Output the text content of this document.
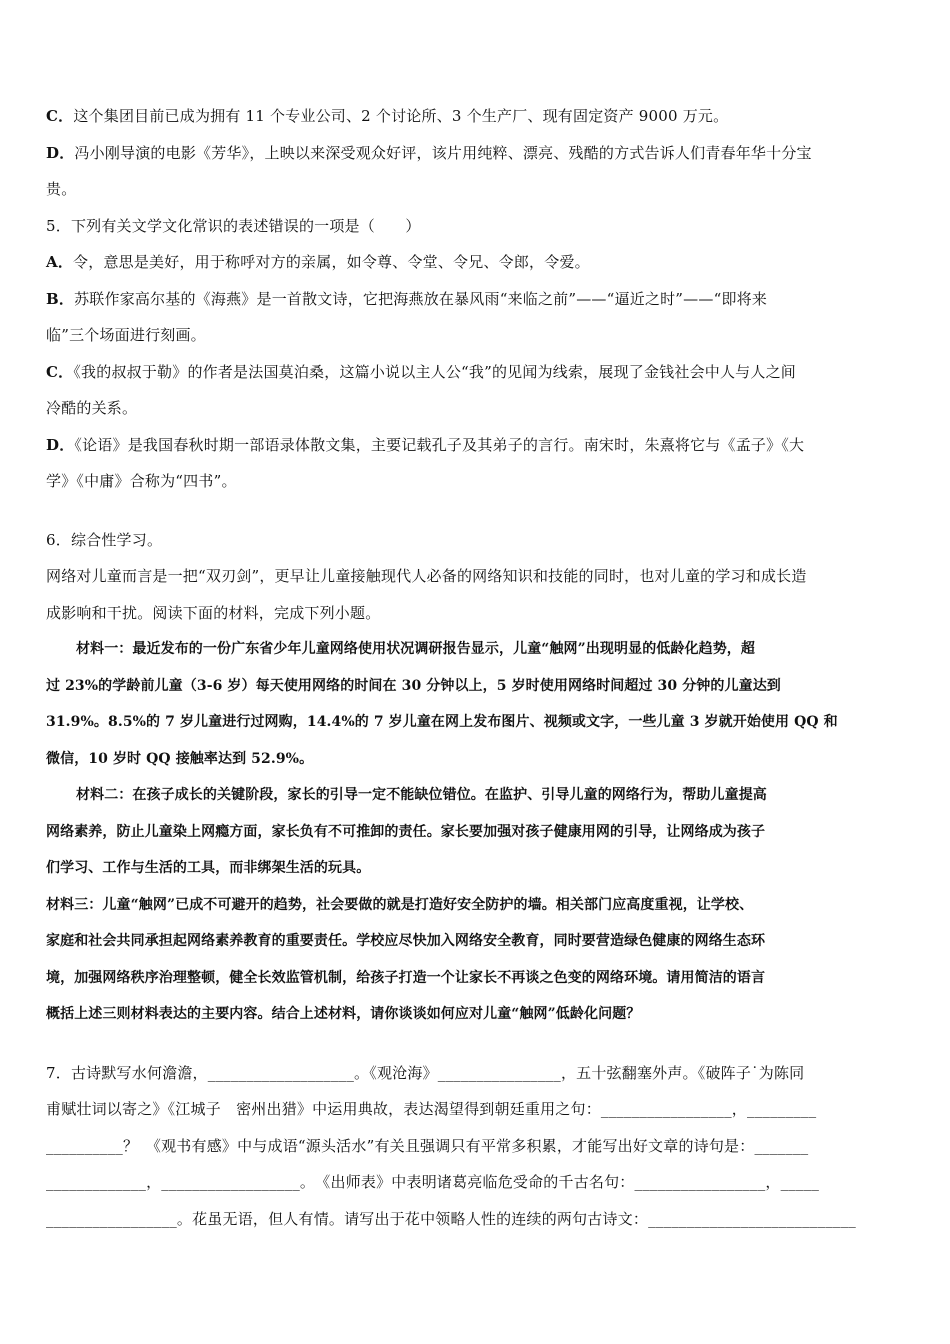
C．这个集团目前已成为拥有 11 个专业公司、2 个讨论所、3 个生产厂、现有固定资产 9000 万元。
D．冯小刚导演的电影《芳华》，上映以来深受观众好评，该片用纯粹、漂亮、残酷的方式告诉人们青春年华十分宝
贵。
5．下列有关文学文化常识的表述错误的一项是（　　）
A．令，意思是美好，用于称呼对方的亲属，如令尊、令堂、令兄、令郎，令爱。
B．苏联作家高尔基的《海燕》是一首散文诗，它把海燕放在暴风雨“来临之前”——“逼近之时”——“即将来
临”三个场面进行刻画。
C．《我的叔叔于勒》的作者是法国莫泊桑，这篇小说以主人公“我”的见闻为线索，展现了金钱社会中人与人之间
冷酷的关系。
D．《论语》是我国春秋时期一部语录体散文集，主要记载孔子及其弟子的言行。南宋时，朱熹将它与《孟子》《大
学》《中庸》合称为“四书”。
6．综合性学习。
网络对儿童而言是一把“双刃剑”，更早让儿童接触现代人必备的网络知识和技能的同时，也对儿童的学习和成长造
成影响和干扰。阅读下面的材料，完成下列小题。
材料一：最近发布的一份广东省少年儿童网络使用状况调研报告显示，儿童“触网”出现明显的低龄化趋势，超
过 23%的学龄前儿童（3-6 岁）每天使用网络的时间在 30 分钟以上，5 岁时使用网络时间超过 30 分钟的儿童达到
31.9%。8.5%的 7 岁儿童进行过网购，14.4%的 7 岁儿童在网上发布图片、视频或文字，一些儿童 3 岁就开始使用 QQ 和
微信，10 岁时 QQ 接触率达到 52.9%。
材料二：在孩子成长的关键阶段，家长的引导一定不能缺位错位。在监护、引导儿童的网络行为，帮助儿童提高
网络素养，防止儿童染上网瘾方面，家长负有不可推卸的责任。家长要加强对孩子健康用网的引导，让网络成为孩子
们学习、工作与生活的工具，而非绑架生活的玩具。
材料三：儿童“触网”已成不可避开的趋势，社会要做的就是打造好安全防护的墙。相关部门应高度重视，让学校、
家庭和社会共同承担起网络素养教育的重要责任。学校应尽快加入网络安全教育，同时要营造绿色健康的网络生态环
境，加强网络秩序治理整顿，健全长效监管机制，给孩子打造一个让家长不再谈之色变的网络环境。请用简洁的语言
概括上述三则材料表达的主要内容。结合上述材料，请你谈谈如何应对儿童“触网”低龄化问题？
7．古诗默写水何澹澹，___________________。《观沧海》________________，五十弦翻塞外声。《破阵子˙为陈同
甫赋壮词以寄之》《江城子　密州出猎》中运用典故，表达渴望得到朝廷重用之句：_________________，_________
__________？　《观书有感》中与成语“源头活水”有关且强调只有平常多积累，才能写出好文章的诗句是：_______
_____________，__________________。　《出师表》中表明诸葛亮临危受命的千古名句：_________________，_____
_________________。花虽无语，但人有情。请写出于花中领略人性的连续的两句古诗文：___________________________
